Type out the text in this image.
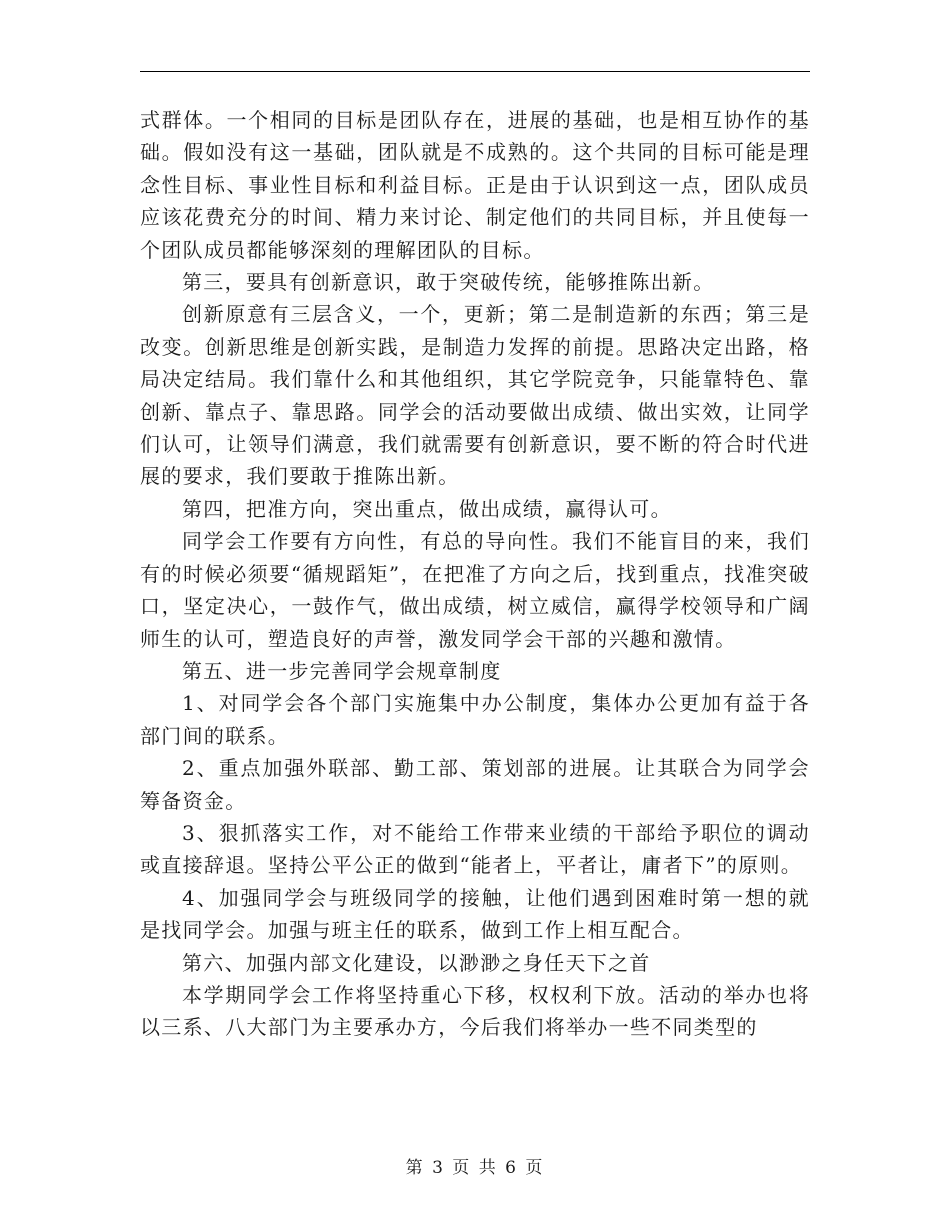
式群体。一个相同的目标是团队存在，进展的基础，也是相互协作的基础。假如没有这一基础，团队就是不成熟的。这个共同的目标可能是理念性目标、事业性目标和利益目标。正是由于认识到这一点，团队成员应该花费充分的时间、精力来讨论、制定他们的共同目标，并且使每一个团队成员都能够深刻的理解团队的目标。

第三，要具有创新意识，敢于突破传统，能够推陈出新。

创新原意有三层含义，一个，更新；第二是制造新的东西；第三是改变。创新思维是创新实践，是制造力发挥的前提。思路决定出路，格局决定结局。我们靠什么和其他组织，其它学院竞争，只能靠特色、靠创新、靠点子、靠思路。同学会的活动要做出成绩、做出实效，让同学们认可，让领导们满意，我们就需要有创新意识，要不断的符合时代进展的要求，我们要敢于推陈出新。

第四，把准方向，突出重点，做出成绩，赢得认可。

同学会工作要有方向性，有总的导向性。我们不能盲目的来，我们有的时候必须要“循规蹈矩”，在把准了方向之后，找到重点，找准突破口，坚定决心，一鼓作气，做出成绩，树立威信，赢得学校领导和广阔师生的认可，塑造良好的声誉，激发同学会干部的兴趣和激情。

第五、进一步完善同学会规章制度

1、对同学会各个部门实施集中办公制度，集体办公更加有益于各部门间的联系。

2、重点加强外联部、勤工部、策划部的进展。让其联合为同学会筹备资金。

3、狠抓落实工作，对不能给工作带来业绩的干部给予职位的调动或直接辞退。坚持公平公正的做到“能者上，平者让，庸者下”的原则。

4、加强同学会与班级同学的接触，让他们遇到困难时第一想的就是找同学会。加强与班主任的联系，做到工作上相互配合。

第六、加强内部文化建设，以渺渺之身任天下之首

本学期同学会工作将坚持重心下移，权权利下放。活动的举办也将以三系、八大部门为主要承办方，今后我们将举办一些不同类型的

第 3 页 共 6 页
